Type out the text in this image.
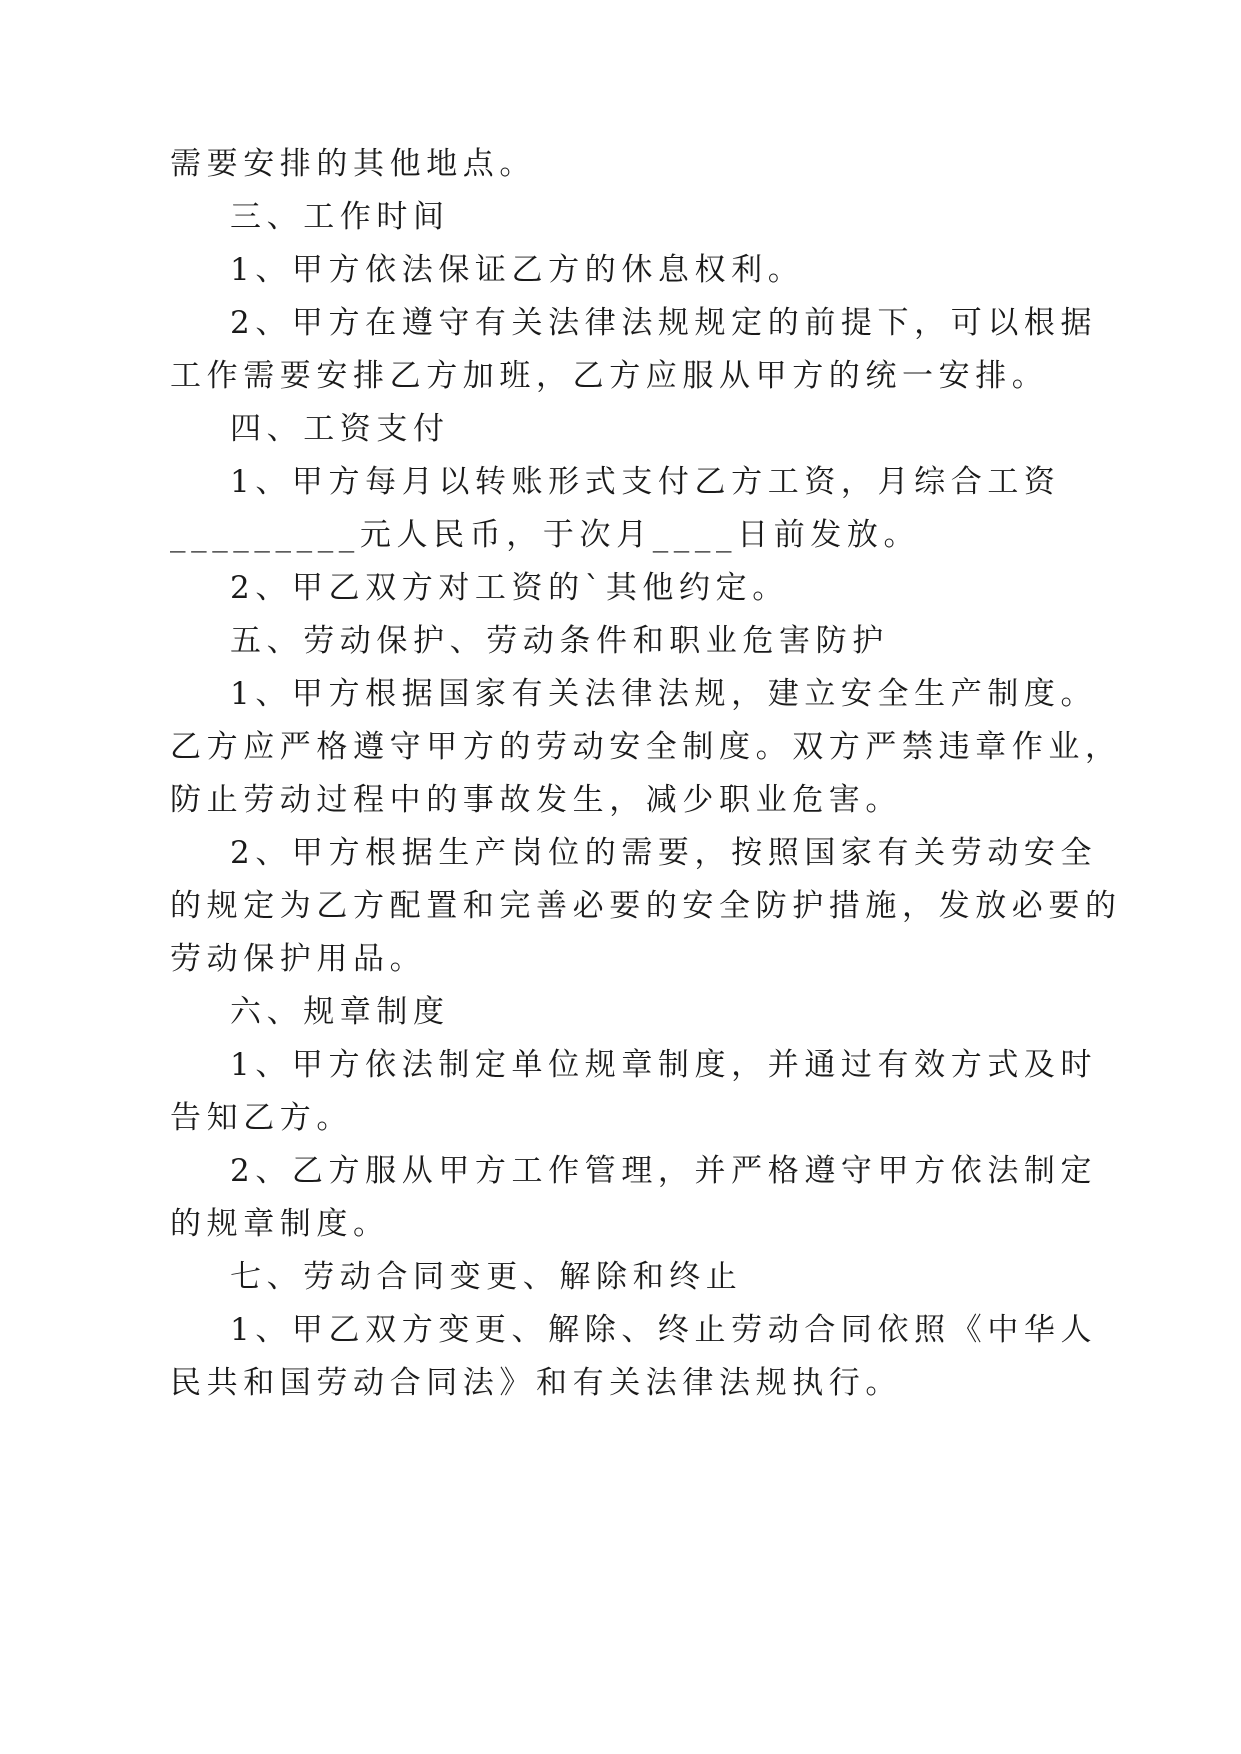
需要安排的其他地点。
三、工作时间
1、甲方依法保证乙方的休息权利。
2、甲方在遵守有关法律法规规定的前提下，可以根据
工作需要安排乙方加班，乙方应服从甲方的统一安排。
四、工资支付
1、甲方每月以转账形式支付乙方工资，月综合工资
_________元人民币，于次月____日前发放。
2、甲乙双方对工资的`其他约定。
五、劳动保护、劳动条件和职业危害防护
1、甲方根据国家有关法律法规，建立安全生产制度。
乙方应严格遵守甲方的劳动安全制度。双方严禁违章作业，
防止劳动过程中的事故发生，减少职业危害。
2、甲方根据生产岗位的需要，按照国家有关劳动安全
的规定为乙方配置和完善必要的安全防护措施，发放必要的
劳动保护用品。
六、规章制度
1、甲方依法制定单位规章制度，并通过有效方式及时
告知乙方。
2、乙方服从甲方工作管理，并严格遵守甲方依法制定
的规章制度。
七、劳动合同变更、解除和终止
1、甲乙双方变更、解除、终止劳动合同依照《中华人
民共和国劳动合同法》和有关法律法规执行。
